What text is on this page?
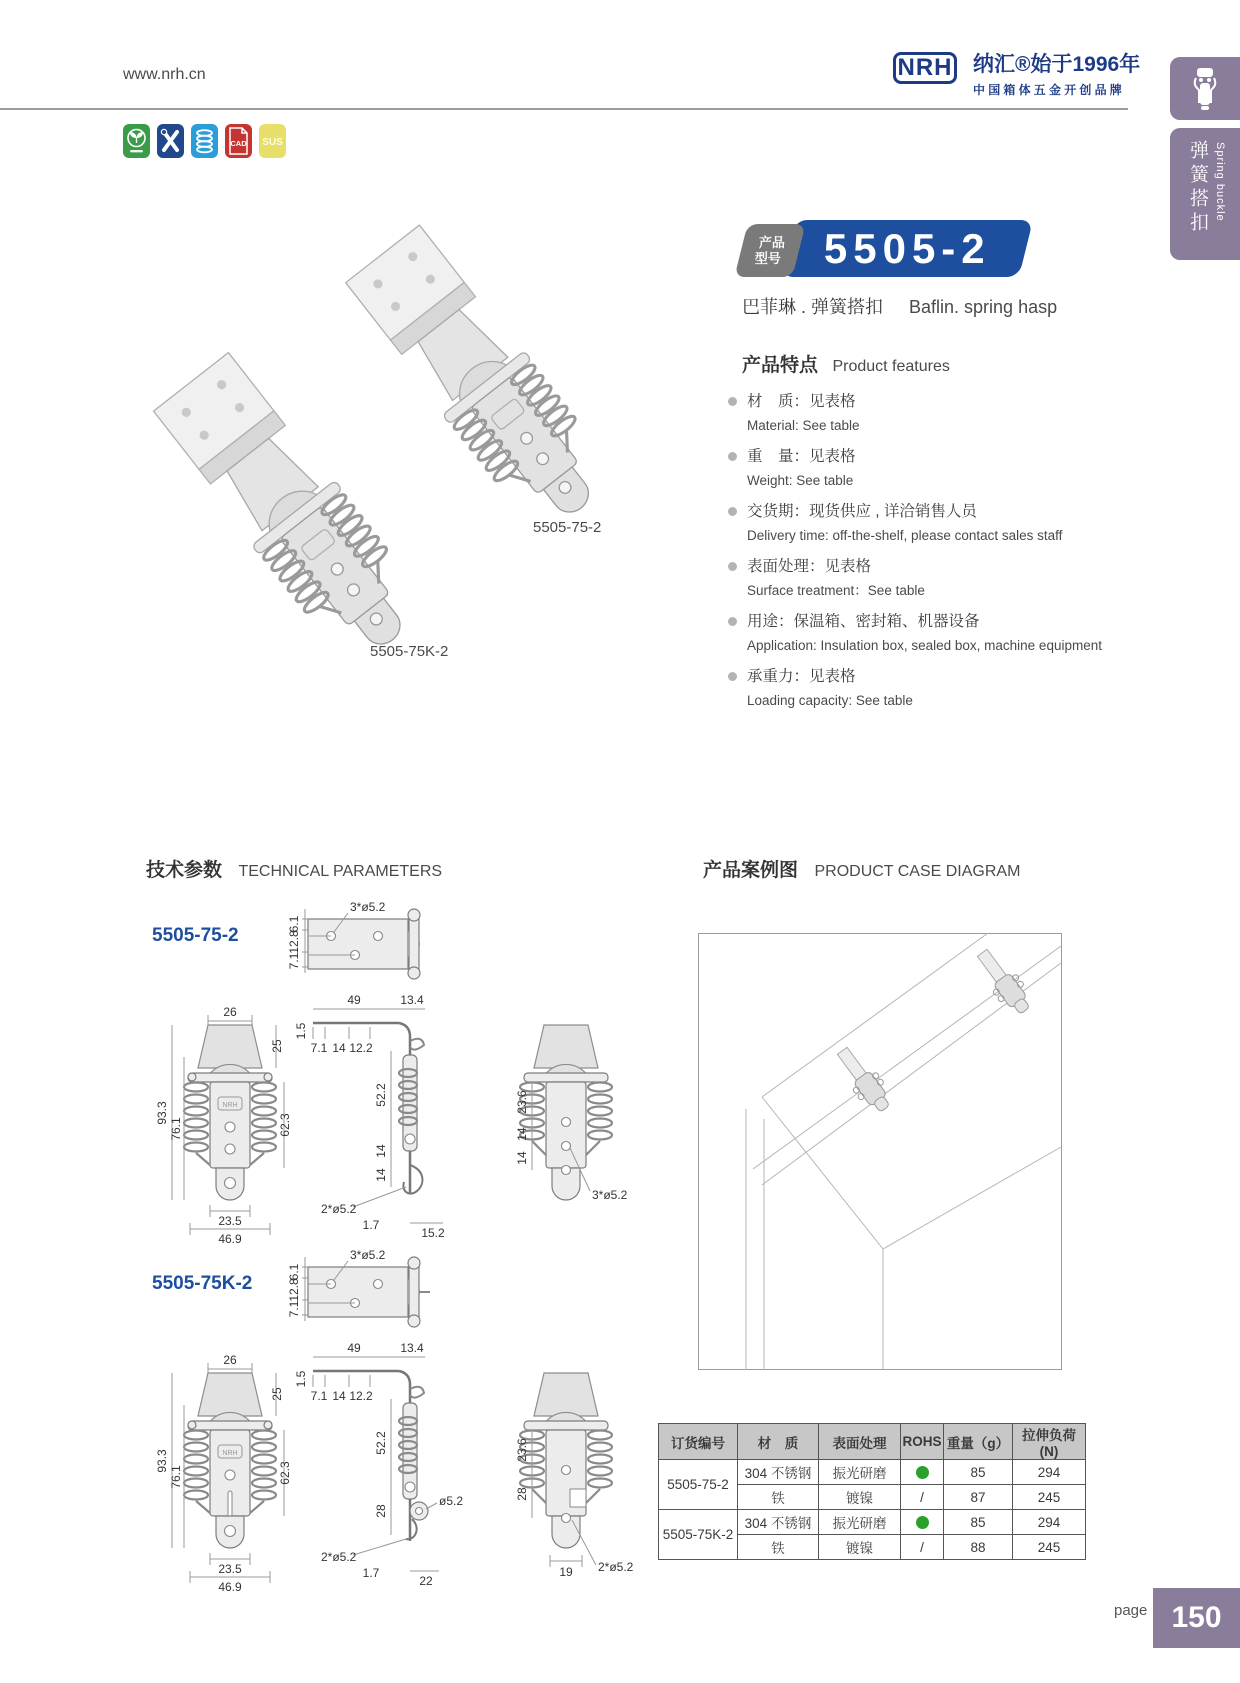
www.nrh.cn	NRH 纳汇®始于1996年
中国箱体五金开创品牌
弹簧搭扣 Spring buckle
CAD SUS
5505-2
产品
型号
巴菲琳 . 弹簧搭扣 Baflin. spring hasp
产品特点 Product features
材　质：见表格
Material: See table
重　量：见表格
Weight: See table
交货期：现货供应 , 详洽销售人员
Delivery time: off-the-shelf, please contact sales staff
表面处理：见表格
Surface treatment：See table
用途：保温箱、密封箱、机器设备
Application: Insulation box, sealed box, machine equipment
承重力：见表格
Loading capacity: See table
5505-75-2
5505-75K-2
技术参数 TECHNICAL PARAMETERS	产品案例图 PRODUCT CASE DIAGRAM
5505-75-2
6.1
12.8
7.1
3*ø5.2
26
NRH
25
62.3
93.3
76.1
23.5
46.9
49	13.4
1.5
7.1 14 12.2
52.2
14
14
2*ø5.2
1.7
15.2
23.6
14
14
3*ø5.2
5505-75K-2
6.1
12.8
7.1
3*ø5.2
26
NRH
25
62.3
93.3
76.1
23.5
46.9
49	13.4
1.5
7.1 14 12.2
52.2
28
ø5.2
2*ø5.2
1.7
22
23.6
28
19 2*ø5.2
订货编号	材　质	表面处理	ROHS	重量（g）	拉伸负荷 (N)
5505-75-2	304 不锈钢	振光研磨		85	294
	铁	镀镍	/	87	245
5505-75K-2	304 不锈钢	振光研磨		85	294
	铁	镀镍	/	88	245
page 150
